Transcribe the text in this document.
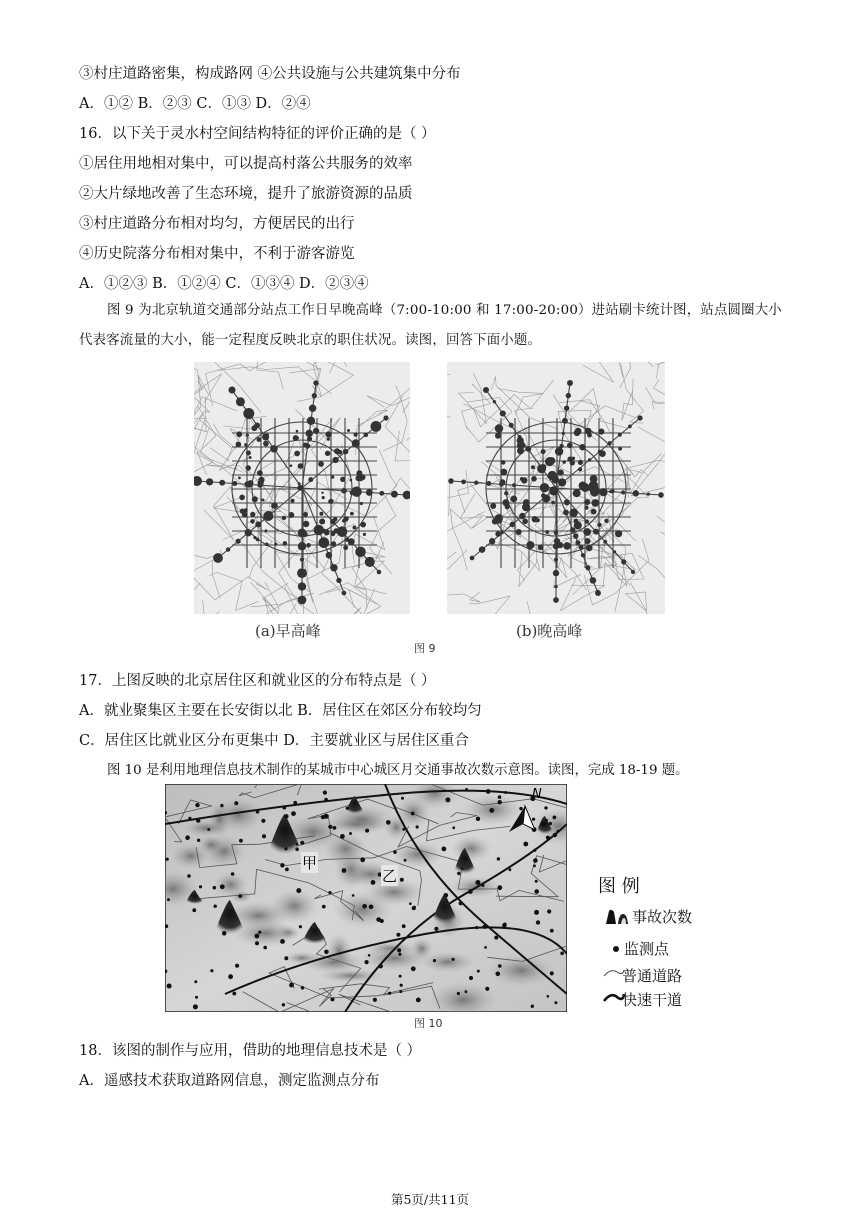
③村庄道路密集，构成路网 ④公共设施与公共建筑集中分布
A．①② B．②③ C．①③ D．②④
16．以下关于灵水村空间结构特征的评价正确的是（ ）
①居住用地相对集中，可以提高村落公共服务的效率
②大片绿地改善了生态环境，提升了旅游资源的品质
③村庄道路分布相对均匀，方便居民的出行
④历史院落分布相对集中，不利于游客游览
A．①②③ B．①②④ C．①③④ D．②③④
图 9 为北京轨道交通部分站点工作日早晚高峰（7:00-10:00 和 17:00-20:00）进站刷卡统计图，站点圆圈大小代表客流量的大小，能一定程度反映北京的职住状况。读图，回答下面小题。
(a)早高峰	(b)晚高峰
图 9
17．上图反映的北京居住区和就业区的分布特点是（ ）
A．就业聚集区主要在长安街以北 B．居住区在郊区分布较均匀
C．居住区比就业区分布更集中 D．主要就业区与居住区重合
图 10 是利用地理信息技术制作的某城市中心城区月交通事故次数示意图。读图，完成 18-19 题。
N
甲
乙	图 例
事故次数
监测点
普通道路
快速干道
图 10
18．该图的制作与应用，借助的地理信息技术是（ ）
A．遥感技术获取道路网信息，测定监测点分布
第5页/共11页
